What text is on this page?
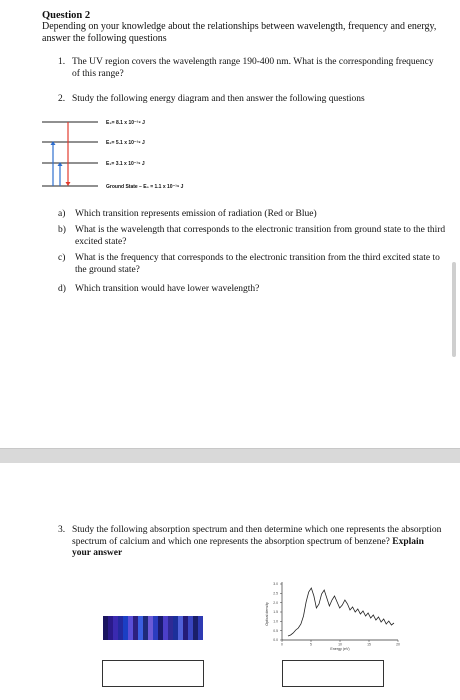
Question 2
Depending on your knowledge about the relationships between wavelength, frequency and energy, answer the following questions
1. The UV region covers the wavelength range 190-400 nm. What is the corresponding frequency of this range?
2. Study the following energy diagram and then answer the following questions
E₃= 8.1 x 10⁻¹⁹ J
E₂= 5.1 x 10⁻¹⁹ J
E₁= 3.1 x 10⁻¹⁹ J
Ground State – E₀ = 1.1 x 10⁻¹⁹ J
a) Which transition represents emission of radiation (Red or Blue)
b) What is the wavelength that corresponds to the electronic transition from ground state to the third excited state?
c) What is the frequency that corresponds to the electronic transition from the third excited state to the ground state?
d) Which transition would have lower wavelength?
3. Study the following absorption spectrum and then determine which one represents the absorption spectrum of calcium and which one represents the absorption spectrum of benzene? Explain your answer
3.0
2.5
2.0
1.5
1.0
0.5
0.0
0	5	10	15	20
Optical density
Energy (eV)
